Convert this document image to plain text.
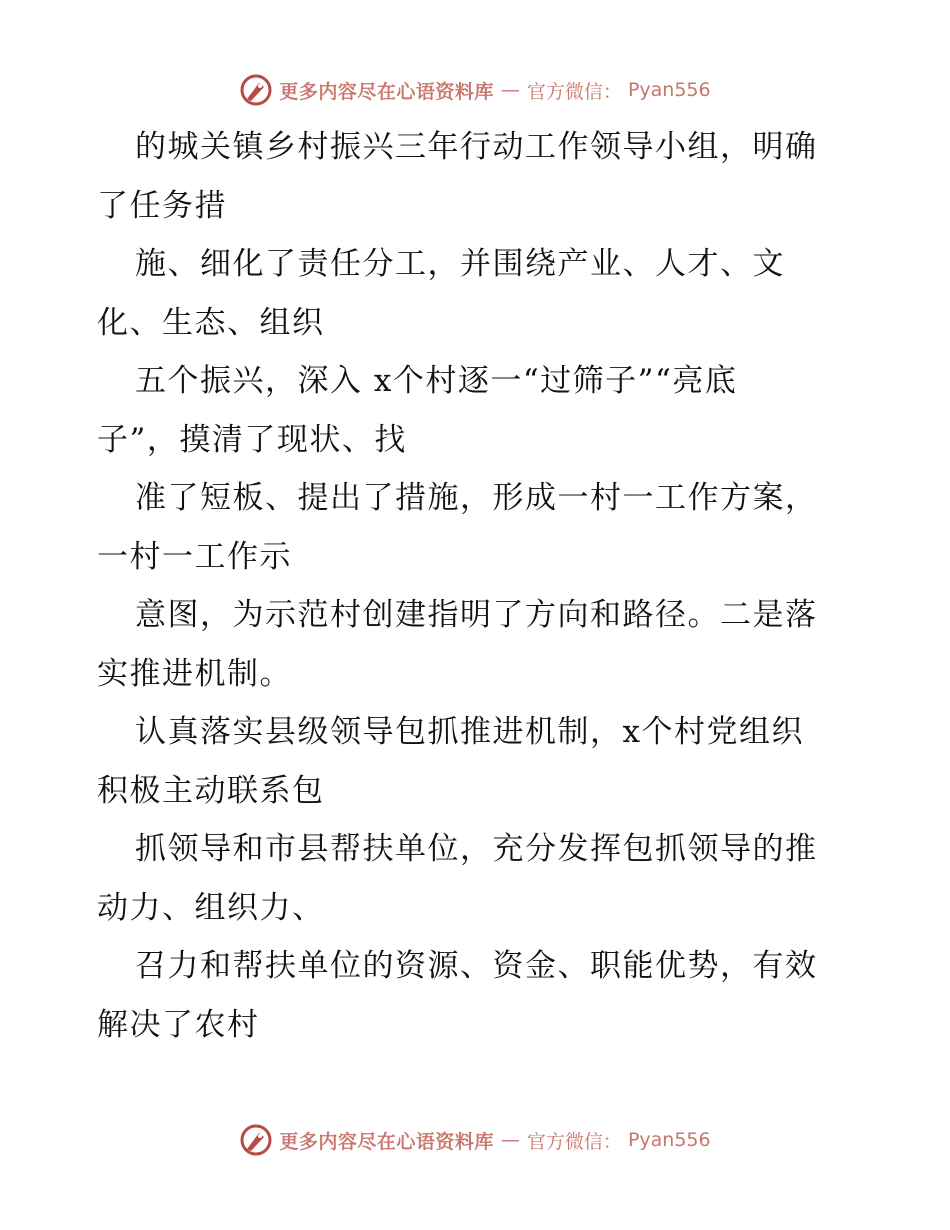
更多内容尽在心语资料库 — 官方微信： Pyan556
的城关镇乡村振兴三年行动工作领导小组，明确
了任务措
施、细化了责任分工，并围绕产业、人才、文
化、生态、组织
五个振兴，深入 x个村逐一“过筛子”“亮底
子”，摸清了现状、找
准了短板、提出了措施，形成一村一工作方案，
一村一工作示
意图，为示范村创建指明了方向和路径。二是落
实推进机制。
认真落实县级领导包抓推进机制，x个村党组织
积极主动联系包
抓领导和市县帮扶单位，充分发挥包抓领导的推
动力、组织力、
召力和帮扶单位的资源、资金、职能优势，有效
解决了农村
更多内容尽在心语资料库 — 官方微信： Pyan556
